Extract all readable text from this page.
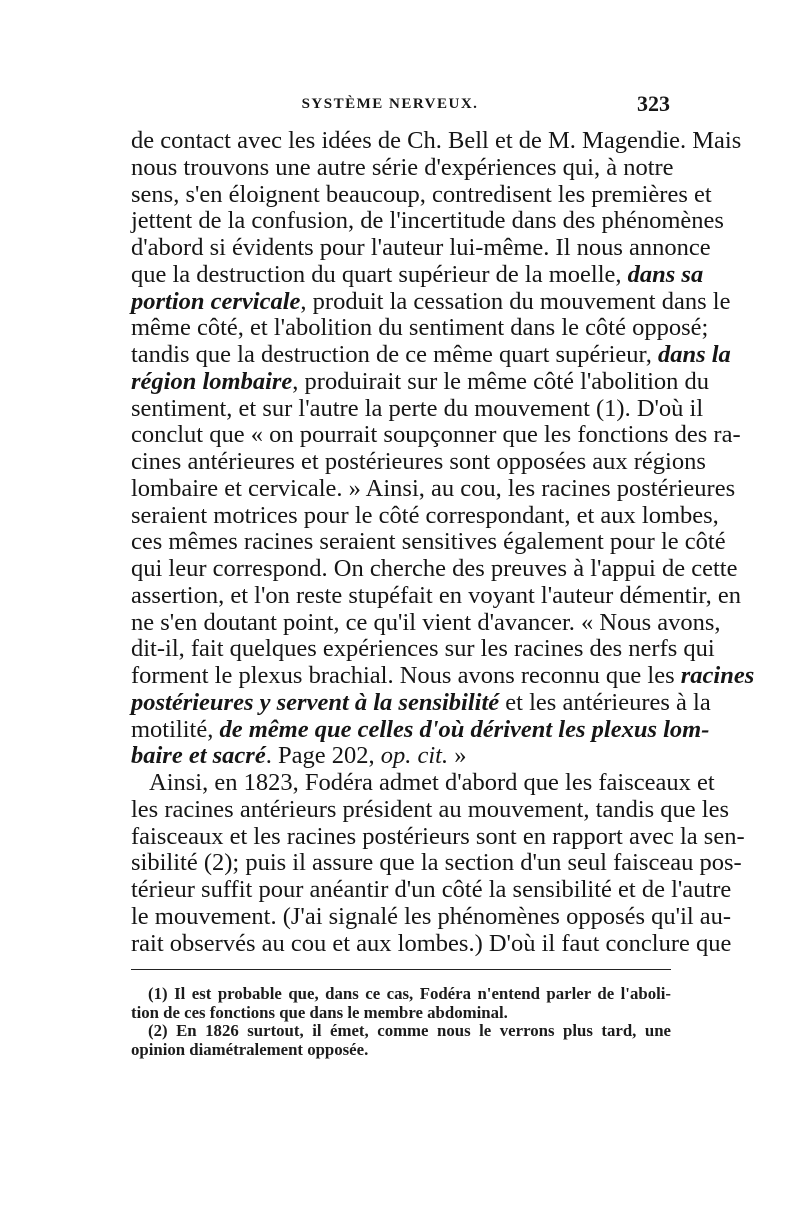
SYSTÈME NERVEUX.	323
de contact avec les idées de Ch. Bell et de M. Magendie. Mais
nous trouvons une autre série d'expériences qui, à notre
sens, s'en éloignent beaucoup, contredisent les premières et
jettent de la confusion, de l'incertitude dans des phénomènes
d'abord si évidents pour l'auteur lui-même. Il nous annonce
que la destruction du quart supérieur de la moelle, dans sa
portion cervicale, produit la cessation du mouvement dans le
même côté, et l'abolition du sentiment dans le côté opposé;
tandis que la destruction de ce même quart supérieur, dans la
région lombaire, produirait sur le même côté l'abolition du
sentiment, et sur l'autre la perte du mouvement (1). D'où il
conclut que « on pourrait soupçonner que les fonctions des ra-
cines antérieures et postérieures sont opposées aux régions
lombaire et cervicale. » Ainsi, au cou, les racines postérieures
seraient motrices pour le côté correspondant, et aux lombes,
ces mêmes racines seraient sensitives également pour le côté
qui leur correspond. On cherche des preuves à l'appui de cette
assertion, et l'on reste stupéfait en voyant l'auteur démentir, en
ne s'en doutant point, ce qu'il vient d'avancer. « Nous avons,
dit-il, fait quelques expériences sur les racines des nerfs qui
forment le plexus brachial. Nous avons reconnu que les racines
postérieures y servent à la sensibilité et les antérieures à la
motilité, de même que celles d'où dérivent les plexus lom-
baire et sacré. Page 202, op. cit. »
Ainsi, en 1823, Fodéra admet d'abord que les faisceaux et
les racines antérieurs président au mouvement, tandis que les
faisceaux et les racines postérieurs sont en rapport avec la sen-
sibilité (2); puis il assure que la section d'un seul faisceau pos-
térieur suffit pour anéantir d'un côté la sensibilité et de l'autre
le mouvement. (J'ai signalé les phénomènes opposés qu'il au-
rait observés au cou et aux lombes.) D'où il faut conclure que
(1) Il est probable que, dans ce cas, Fodéra n'entend parler de l'aboli-
tion de ces fonctions que dans le membre abdominal.
(2) En 1826 surtout, il émet, comme nous le verrons plus tard, une
opinion diamétralement opposée.
